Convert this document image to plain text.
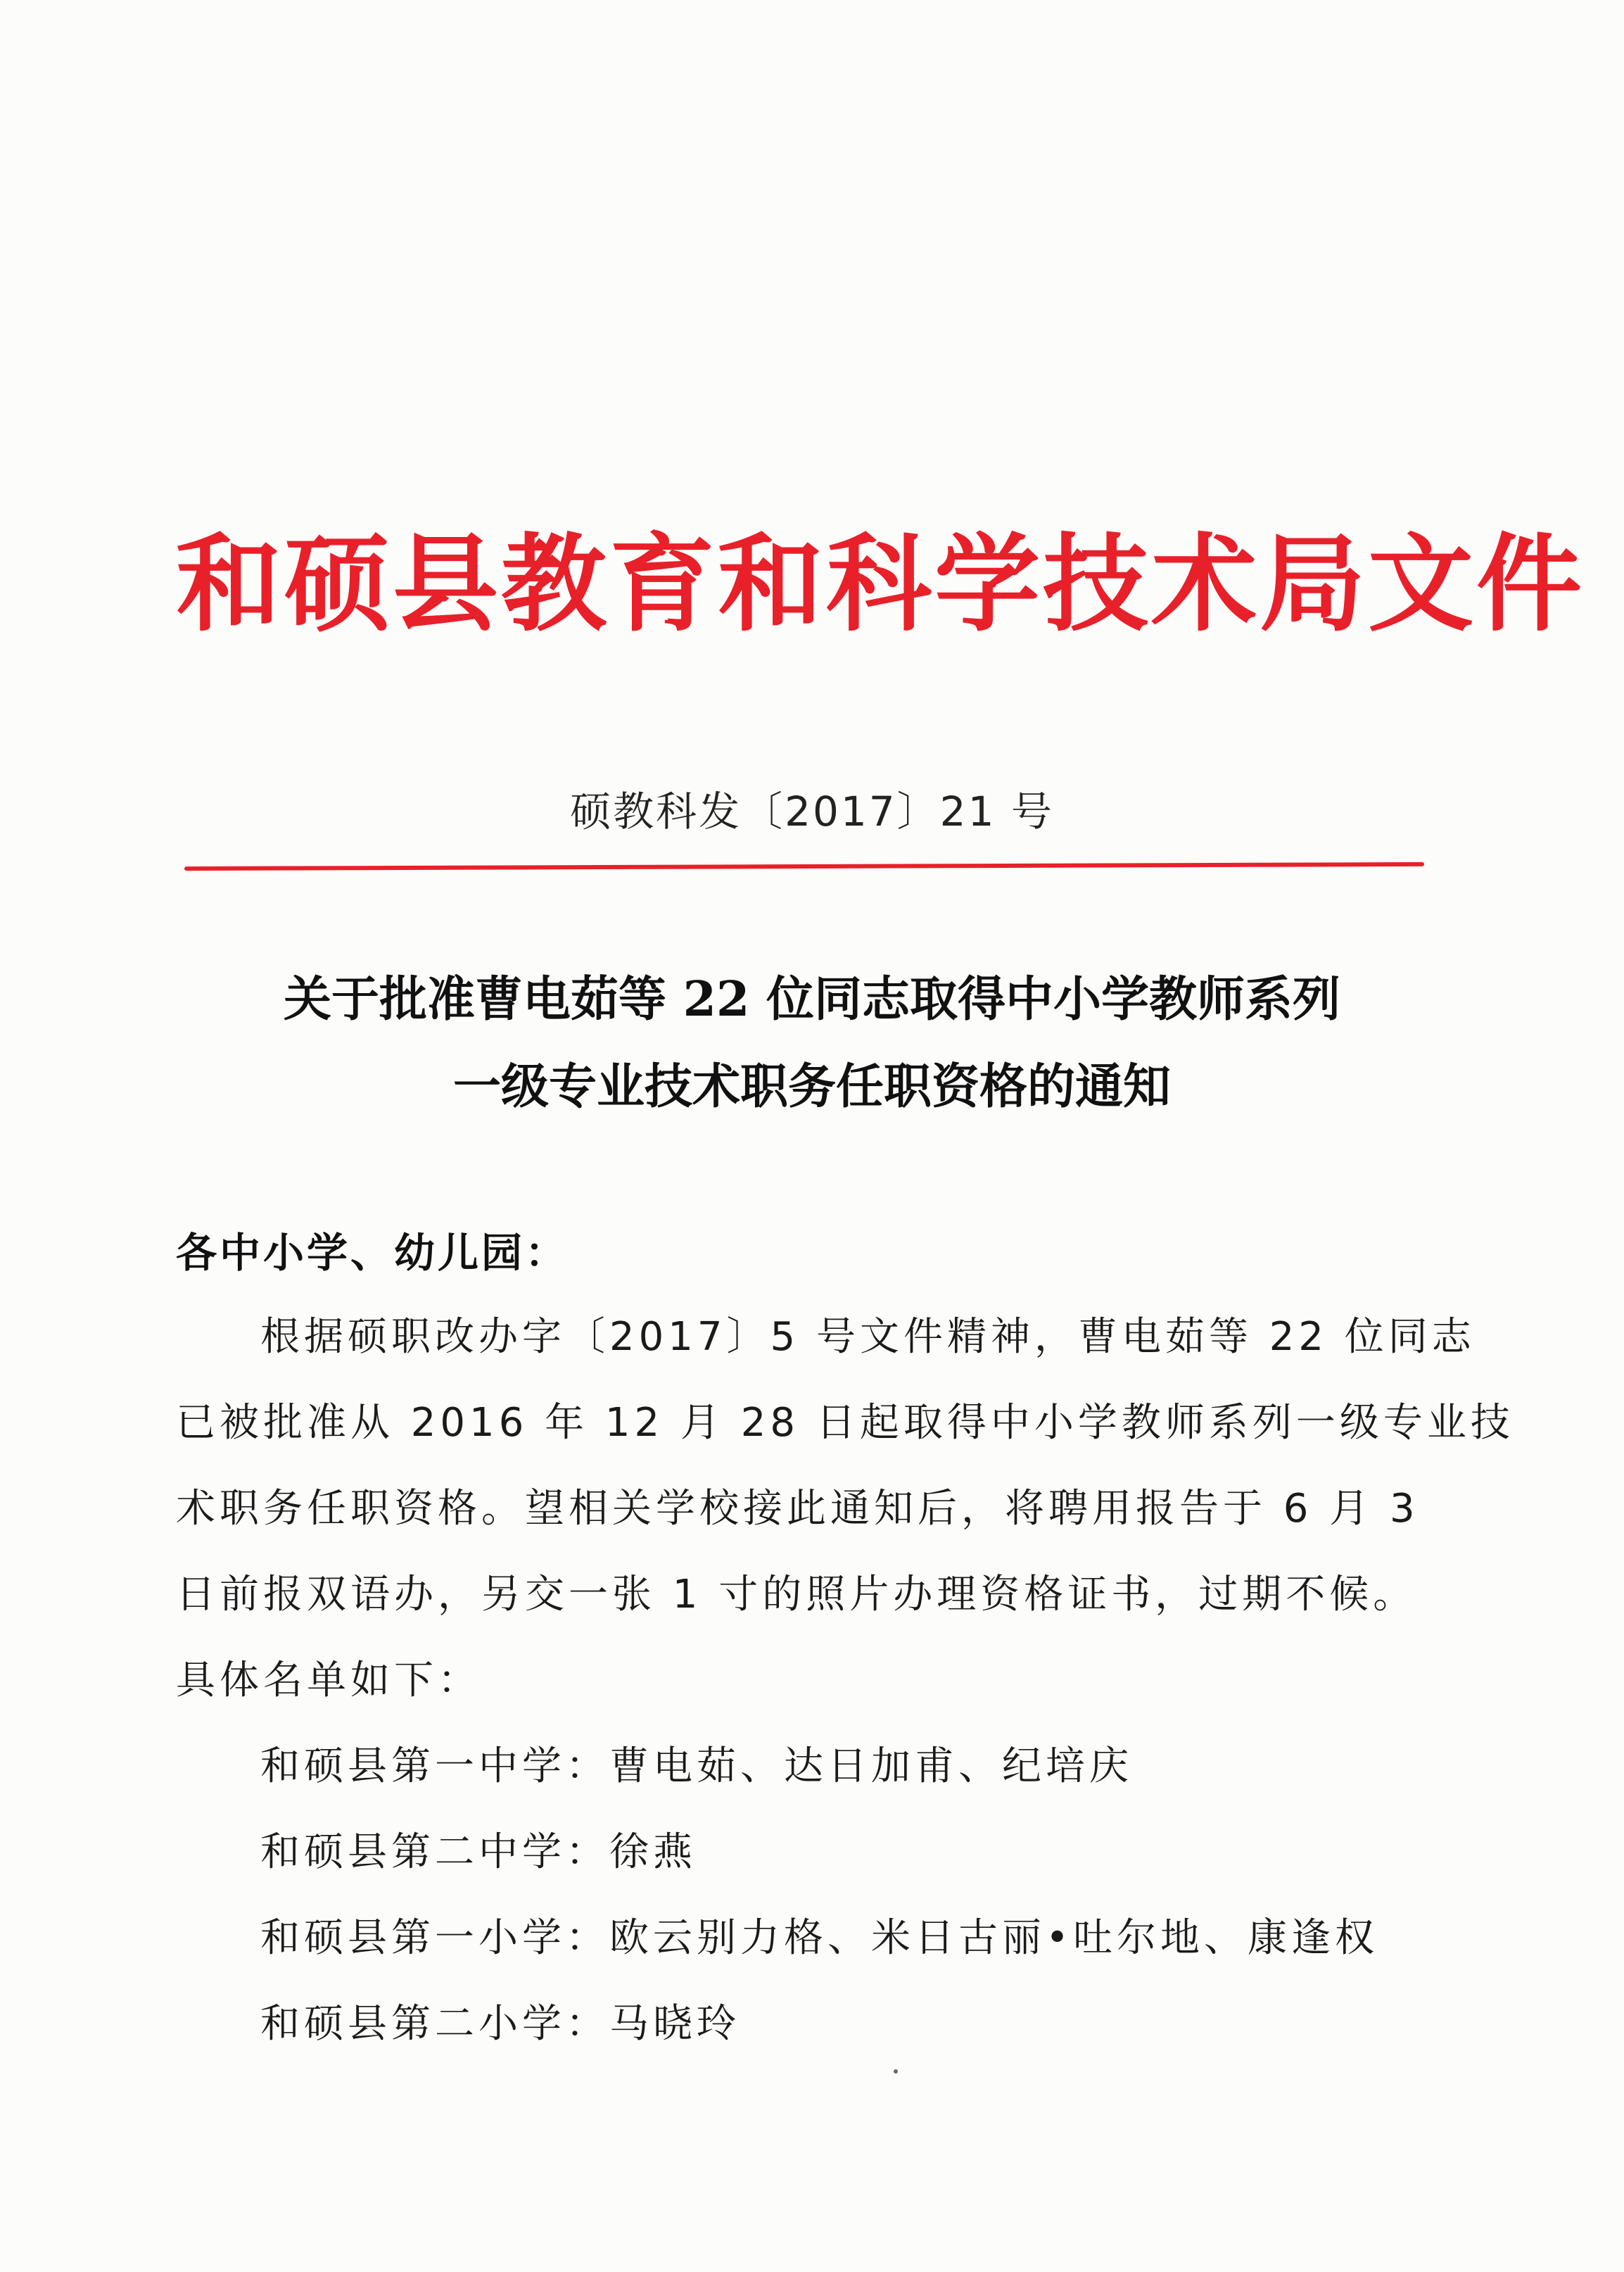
和硕县教育和科学技术局文件
硕教科发〔2017〕21 号
关于批准曹电茹等 22 位同志取得中小学教师系列
一级专业技术职务任职资格的通知
各中小学、幼儿园：
根据硕职改办字〔2017〕5 号文件精神，曹电茹等 22 位同志
已被批准从 2016 年 12 月 28 日起取得中小学教师系列一级专业技
术职务任职资格。望相关学校接此通知后，将聘用报告于 6 月 3
日前报双语办，另交一张 1 寸的照片办理资格证书，过期不候。
具体名单如下：
和硕县第一中学：曹电茹、达日加甫、纪培庆
和硕县第二中学：徐燕
和硕县第一小学：欧云别力格、米日古丽•吐尔地、康逢权
和硕县第二小学：马晓玲
